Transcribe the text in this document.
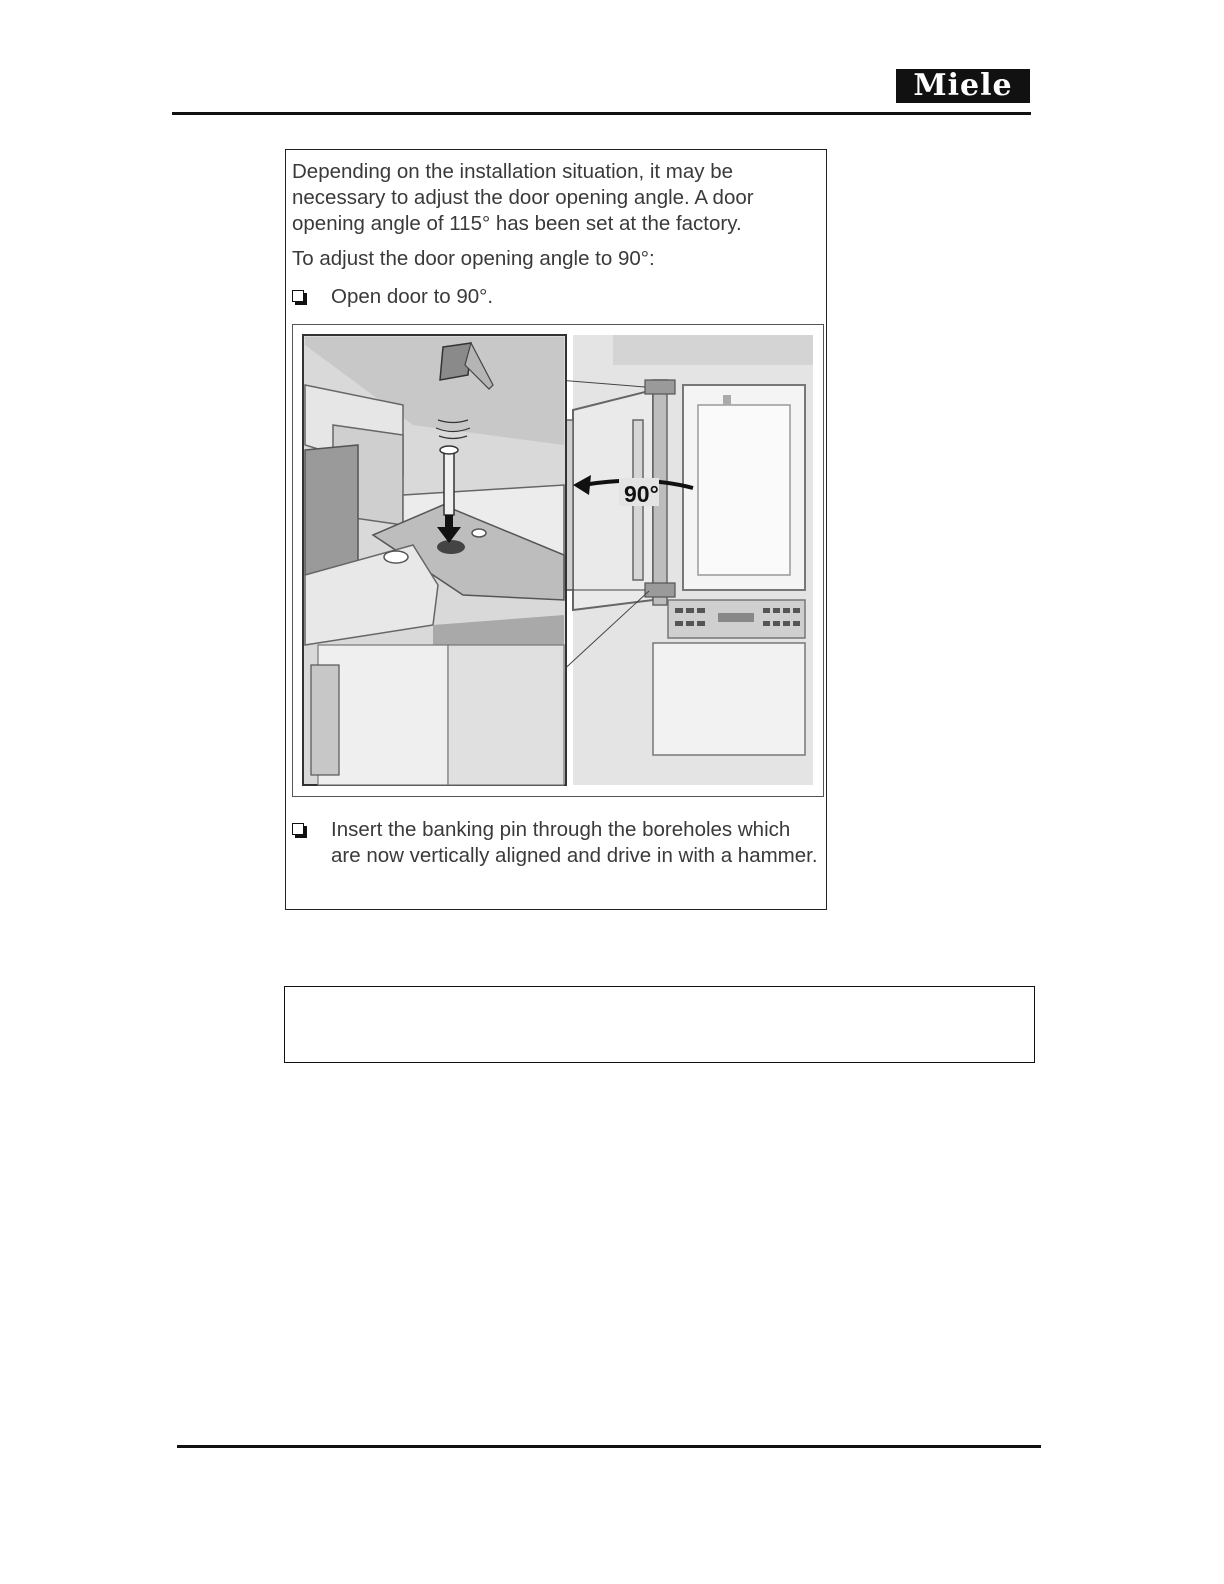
Miele

Depending on the installation situation, it may be necessary to adjust the door opening angle. A door opening angle of 115° has been set at the factory.

To adjust the door opening angle to 90°:

Open door to 90°.
90°
Insert the banking pin through the boreholes which are now vertically aligned and drive in with a hammer.
